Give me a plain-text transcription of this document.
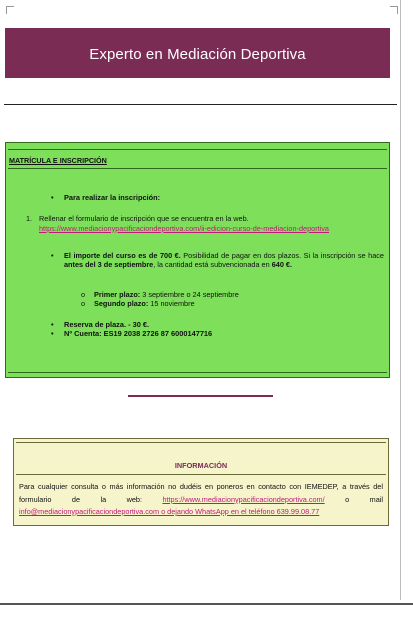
Experto en Mediación Deportiva
MATRÍCULA E INSCRIPCIÓN
• Para realizar la inscripción:
1. Rellenar el formulario de inscripción que se encuentra en la web.
https://www.mediacionypacificaciondeportiva.com/ii-edicion-curso-de-mediacion-deportiva
• El importe del curso es de 700 €. Posibilidad de pagar en dos plazos. Si la inscripción se hace antes del 3 de septiembre, la cantidad está subvencionada en 640 €.
o Primer plazo: 3 septiembre o 24 septiembre
o Segundo plazo: 15 noviembre
• Reserva de plaza. - 30 €.
• Nº Cuenta: ES19 2038 2726 87 6000147716
INFORMACIÓN

Para cualquier consulta o más información no dudéis en poneros en contacto con IEMEDEP, a través del formulario de la web: https://www.mediacionypacificaciondeportiva.com/ o mail info@mediacionypacificaciondeportiva.com o dejando WhatsApp en el teléfono 639.99.08.77
